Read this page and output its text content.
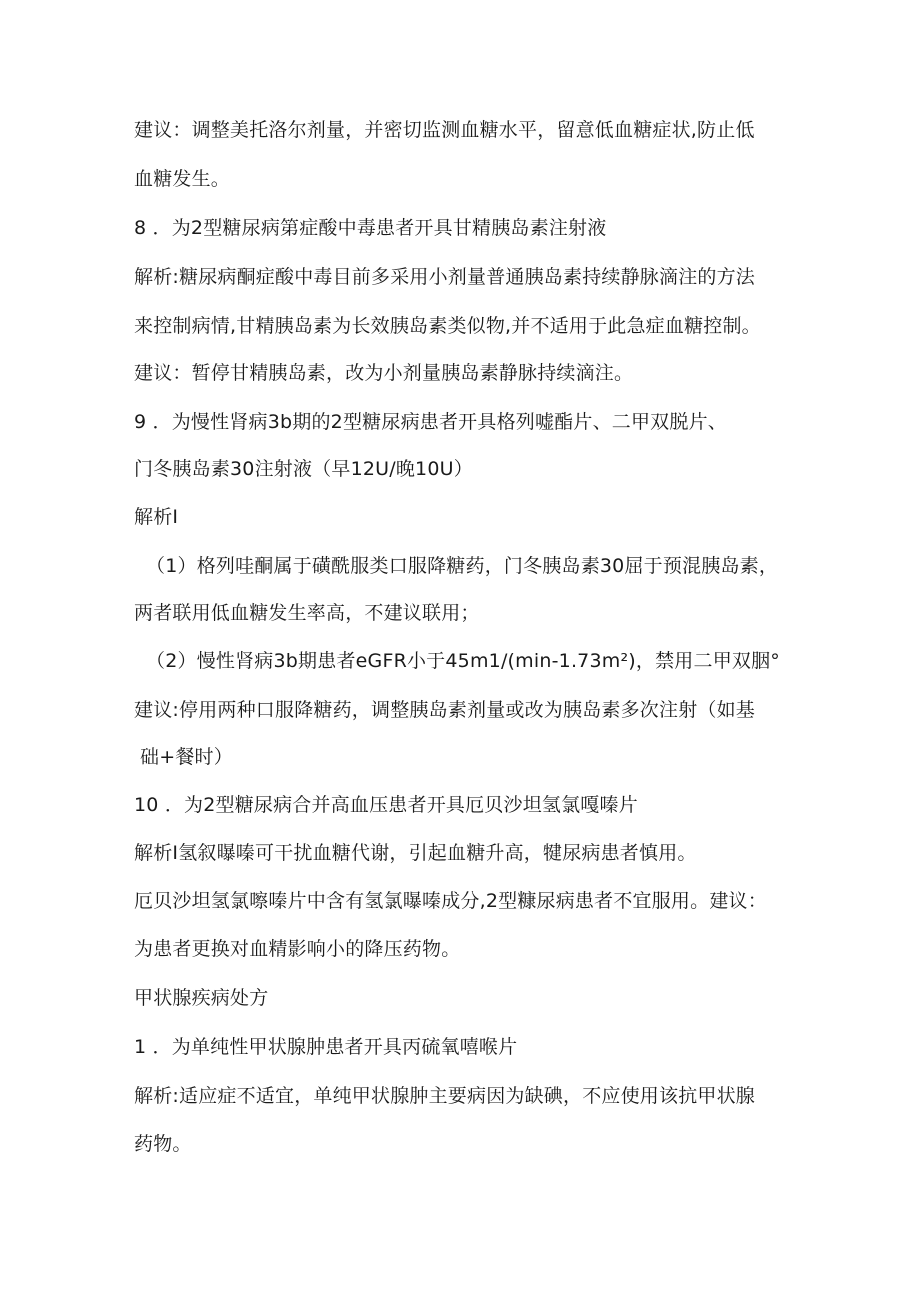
建议：调整美托洛尔剂量，并密切监测血糖水平，留意低血糖症状,防止低

血糖发生。

8 ．为2型糖尿病第症酸中毒患者开具甘精胰岛素注射液

解析:糖尿病酮症酸中毒目前多采用小剂量普通胰岛素持续静脉滴注的方法

来控制病情,甘精胰岛素为长效胰岛素类似物,并不适用于此急症血糖控制。

建议：暂停甘精胰岛素，改为小剂量胰岛素静脉持续滴注。

9 ．为慢性肾病3b期的2型糖尿病患者开具格列嘘酯片、二甲双脱片、

门冬胰岛素30注射液（早12U/晚10U）

解析I

（1）格列哇酮属于磺酰服类口服降糖药，门冬胰岛素30屈于预混胰岛素，

两者联用低血糖发生率高，不建议联用；

（2）慢性肾病3b期患者eGFR小于45m1/(min-1.73m²)，禁用二甲双胭°

建议:停用两种口服降糖药，调整胰岛素剂量或改为胰岛素多次注射（如基

础+餐时）

10 ．为2型糖尿病合并高血压患者开具厄贝沙坦氢氯嘎嗪片

解析I氢叙曝嗪可干扰血糖代谢，引起血糖升高，犍尿病患者慎用。

厄贝沙坦氢氯嚓嗪片中含有氢氯曝嗪成分,2型糠尿病患者不宜服用。建议：

为患者更换对血精影响小的降压药物。

甲状腺疾病处方

1 ．为单纯性甲状腺肿患者开具丙硫氧嘻喉片

解析:适应症不适宜，单纯甲状腺肿主要病因为缺碘，不应使用该抗甲状腺

药物。
